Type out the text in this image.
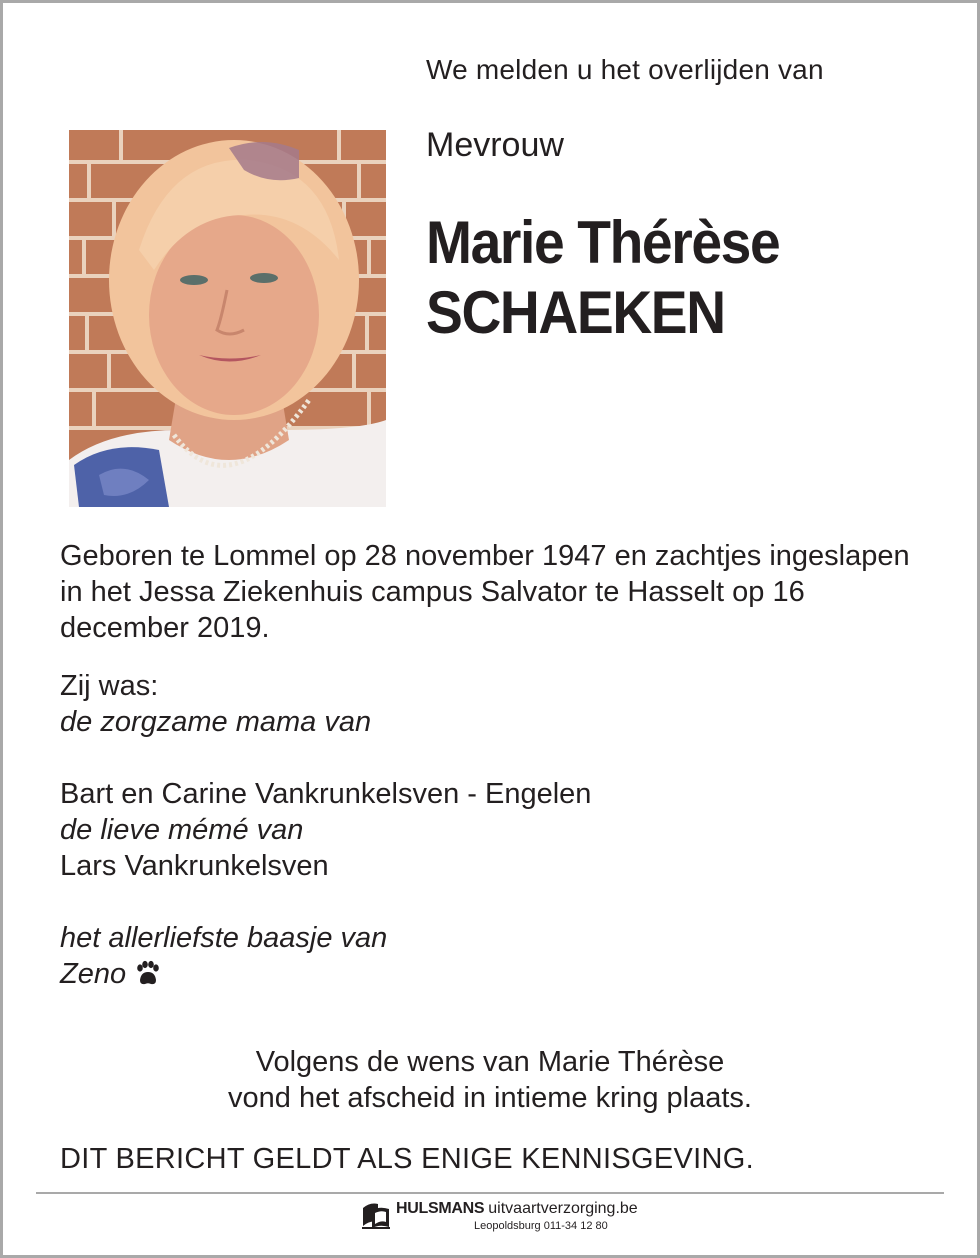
We melden u het overlijden van
Mevrouw
Marie Thérèse
SCHAEKEN
Geboren te Lommel op 28 november 1947 en zachtjes ingeslapen in het Jessa Ziekenhuis campus Salvator te Hasselt op 16 december 2019.
Zij was:
de zorgzame mama van
Bart en Carine Vankrunkelsven - Engelen
de lieve mémé van
Lars Vankrunkelsven
het allerliefste baasje van
Zeno
Volgens de wens van Marie Thérèse
vond het afscheid in intieme kring plaats.
DIT BERICHT GELDT ALS ENIGE KENNISGEVING.
HULSMANS uitvaartverzorging.be
Leopoldsburg 011-34 12 80
